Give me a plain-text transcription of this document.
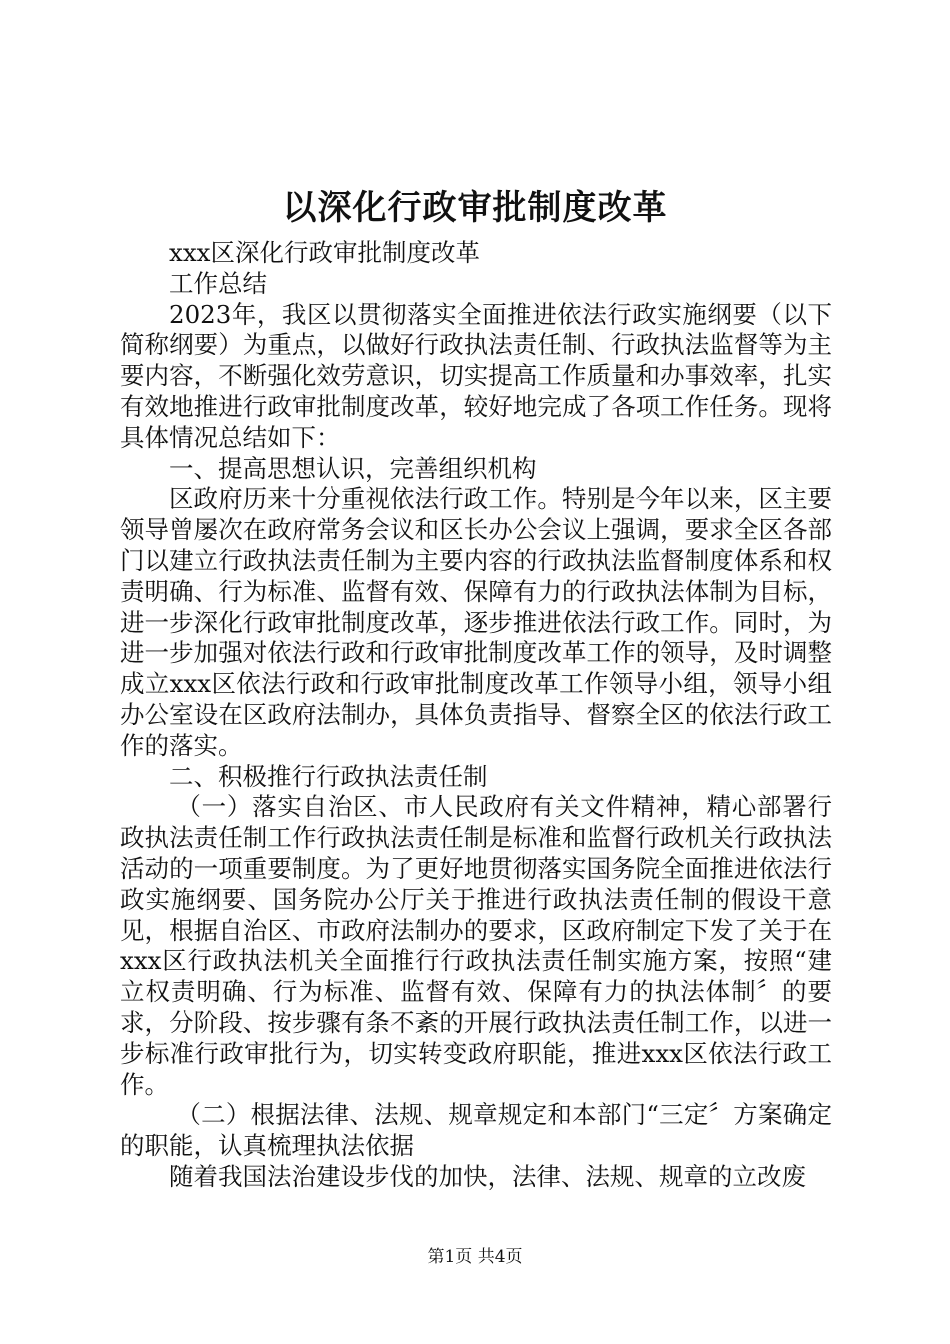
以深化行政审批制度改革

xxx区深化行政审批制度改革

工作总结

2023年，我区以贯彻落实全面推进依法行政实施纲要（以下简称纲要）为重点，以做好行政执法责任制、行政执法监督等为主要内容，不断强化效劳意识，切实提高工作质量和办事效率，扎实有效地推进行政审批制度改革，较好地完成了各项工作任务。现将具体情况总结如下：

一、提高思想认识，完善组织机构

区政府历来十分重视依法行政工作。特别是今年以来，区主要领导曾屡次在政府常务会议和区长办公会议上强调，要求全区各部门以建立行政执法责任制为主要内容的行政执法监督制度体系和权责明确、行为标准、监督有效、保障有力的行政执法体制为目标，进一步深化行政审批制度改革，逐步推进依法行政工作。同时，为进一步加强对依法行政和行政审批制度改革工作的领导，及时调整成立xxx区依法行政和行政审批制度改革工作领导小组，领导小组办公室设在区政府法制办，具体负责指导、督察全区的依法行政工作的落实。

二、积极推行行政执法责任制

（一）落实自治区、市人民政府有关文件精神，精心部署行政执法责任制工作行政执法责任制是标准和监督行政机关行政执法活动的一项重要制度。为了更好地贯彻落实国务院全面推进依法行政实施纲要、国务院办公厅关于推进行政执法责任制的假设干意见，根据自治区、市政府法制办的要求，区政府制定下发了关于在xxx区行政执法机关全面推行行政执法责任制实施方案，按照“建立权责明确、行为标准、监督有效、保障有力的执法体制〞的要求，分阶段、按步骤有条不紊的开展行政执法责任制工作，以进一步标准行政审批行为，切实转变政府职能，推进xxx区依法行政工作。

（二）根据法律、法规、规章规定和本部门“三定〞方案确定的职能，认真梳理执法依据

随着我国法治建设步伐的加快，法律、法规、规章的立改废

第1页 共4页
